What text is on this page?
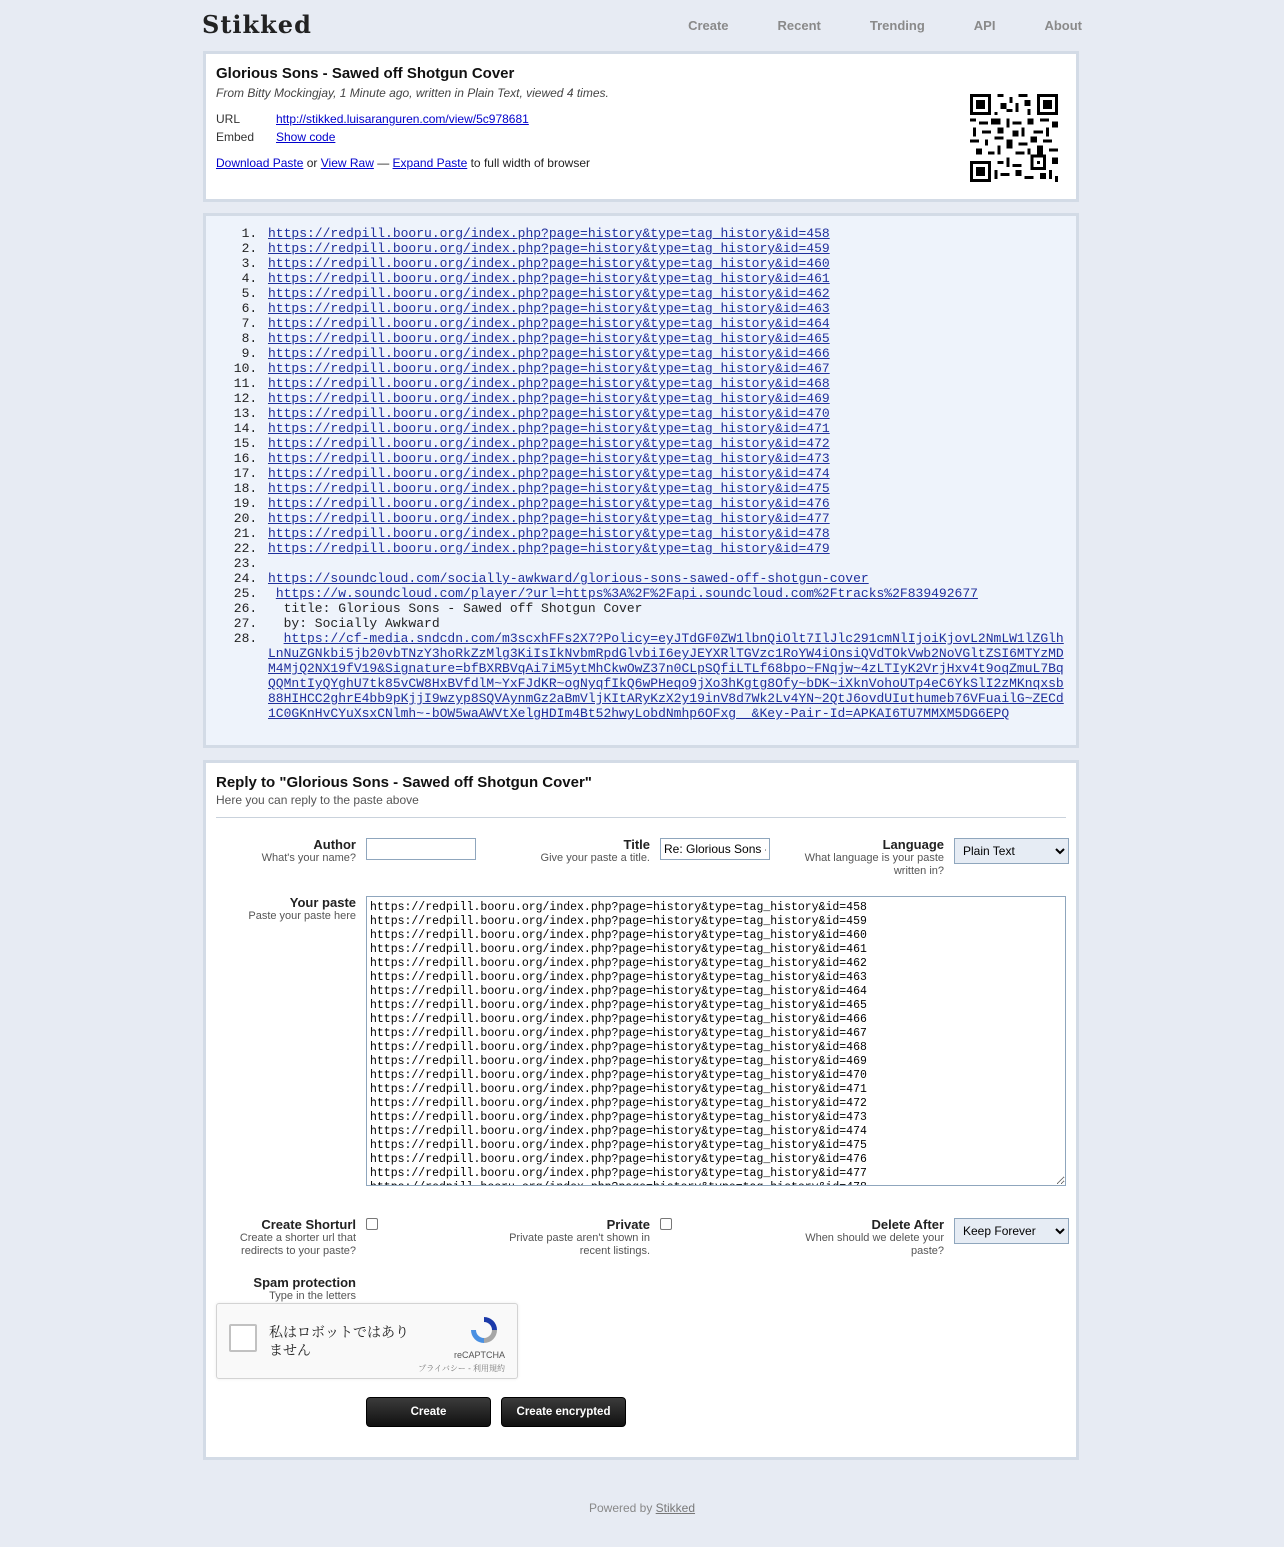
Stikked	Create	Recent	Trending	API	About
Glorious Sons - Sawed off Shotgun Cover
From Bitty Mockingjay, 1 Minute ago, written in Plain Text, viewed 4 times.
URL	http://stikked.luisaranguren.com/view/5c978681
Embed	Show code
Download Paste or View Raw — Expand Paste to full width of browser
1. https://redpill.booru.org/index.php?page=history&type=tag_history&id=458
2. https://redpill.booru.org/index.php?page=history&type=tag_history&id=459
3. https://redpill.booru.org/index.php?page=history&type=tag_history&id=460
4. https://redpill.booru.org/index.php?page=history&type=tag_history&id=461
5. https://redpill.booru.org/index.php?page=history&type=tag_history&id=462
6. https://redpill.booru.org/index.php?page=history&type=tag_history&id=463
7. https://redpill.booru.org/index.php?page=history&type=tag_history&id=464
8. https://redpill.booru.org/index.php?page=history&type=tag_history&id=465
9. https://redpill.booru.org/index.php?page=history&type=tag_history&id=466
10. https://redpill.booru.org/index.php?page=history&type=tag_history&id=467
11. https://redpill.booru.org/index.php?page=history&type=tag_history&id=468
12. https://redpill.booru.org/index.php?page=history&type=tag_history&id=469
13. https://redpill.booru.org/index.php?page=history&type=tag_history&id=470
14. https://redpill.booru.org/index.php?page=history&type=tag_history&id=471
15. https://redpill.booru.org/index.php?page=history&type=tag_history&id=472
16. https://redpill.booru.org/index.php?page=history&type=tag_history&id=473
17. https://redpill.booru.org/index.php?page=history&type=tag_history&id=474
18. https://redpill.booru.org/index.php?page=history&type=tag_history&id=475
19. https://redpill.booru.org/index.php?page=history&type=tag_history&id=476
20. https://redpill.booru.org/index.php?page=history&type=tag_history&id=477
21. https://redpill.booru.org/index.php?page=history&type=tag_history&id=478
22. https://redpill.booru.org/index.php?page=history&type=tag_history&id=479
23.
24. https://soundcloud.com/socially-awkward/glorious-sons-sawed-off-shotgun-cover
25. https://w.soundcloud.com/player/?url=https%3A%2F%2Fapi.soundcloud.com%2Ftracks%2F839492677
26.   title: Glorious Sons - Sawed off Shotgun Cover
27.   by: Socially Awkward
28. https://cf-media.sndcdn.com/m3scxhFFs2X7?Policy=eyJTdGF0ZW1lbnQiOlt7IlJlc291cmNlIjoiKjovL2NmLW1lZGlhLnNuZGNkbi5jb20vbTNzY3hoRkZzMlg3KiIsIkNvbmRpdGlvbiI6eyJEYXRlTGVzc1RoYW4iOnsiQVdTOkVwb2NoVGltZSI6MTYzMDM4MjQ2NX19fV19&Signature=bfBXRBVqAi7iM5ytMhCkwOwZ37n0CLpSQfiLTLf68bpo~FNqjw~4zLTIyK2VrjHxv4t9oqZmuL7BqQQMntIyQYghU7tk85vCW8HxBVfdlM~YxFJdKR~ogNyqfIkQ6wPHeqo9jXo3hKgtg8Ofy~bDK~iXknVohoUTp4eC6YkSlI2zMKnqxsb88HIHCC2ghrE4bb9pKjjI9wzyp8SQVAynmGz2aBmVljKItARyKzX2y19inV8d7Wk2Lv4YN~2QtJ6ovdUIuthumeb76VFuailG~ZECd1C0GKnHvCYuXsxCNlmh~-bOW5waAWVtXelgHDIm4Bt52hwyLobdNmhp6OFxg__&Key-Pair-Id=APKAI6TU7MMXM5DG6EPQ
Reply to "Glorious Sons - Sawed off Shotgun Cover"
Here you can reply to the paste above
Author
What's your name?
Title
Give your paste a title.
Re: Glorious Sons - Sawed off Shotgun Cover
Language
What language is your paste written in?
Plain Text
Your paste
Paste your paste here
https://redpill.booru.org/index.php?page=history&type=tag_history&id=458 https://redpill.booru.org/index.php?page=history&type=tag_history&id=459 https://redpill.booru.org/index.php?page=history&type=tag_history&id=460 https://redpill.booru.org/index.php?page=history&type=tag_history&id=461 https://redpill.booru.org/index.php?page=history&type=tag_history&id=462 https://redpill.booru.org/index.php?page=history&type=tag_history&id=463 https://redpill.booru.org/index.php?page=history&type=tag_history&id=464 https://redpill.booru.org/index.php?page=history&type=tag_history&id=465 https://redpill.booru.org/index.php?page=history&type=tag_history&id=466 https://redpill.booru.org/index.php?page=history&type=tag_history&id=467 https://redpill.booru.org/index.php?page=history&type=tag_history&id=468 https://redpill.booru.org/index.php?page=history&type=tag_history&id=469 https://redpill.booru.org/index.php?page=history&type=tag_history&id=470 https://redpill.booru.org/index.php?page=history&type=tag_history&id=471 https://redpill.booru.org/index.php?page=history&type=tag_history&id=472 https://redpill.booru.org/index.php?page=history&type=tag_history&id=473 https://redpill.booru.org/index.php?page=history&type=tag_history&id=474 https://redpill.booru.org/index.php?page=history&type=tag_history&id=475 https://redpill.booru.org/index.php?page=history&type=tag_history&id=476 https://redpill.booru.org/index.php?page=history&type=tag_history&id=477 https://redpill.booru.org/index.php?page=history&type=tag_history&id=478
Create Shorturl
Create a shorter url that redirects to your paste?
Private
Private paste aren't shown in recent listings.
Delete After
When should we delete your paste?
Keep Forever
Spam protection
Type in the letters
私はロボットではありません	reCAPTCHA
プライバシー - 利用規約
Create	Create encrypted
Powered by Stikked
